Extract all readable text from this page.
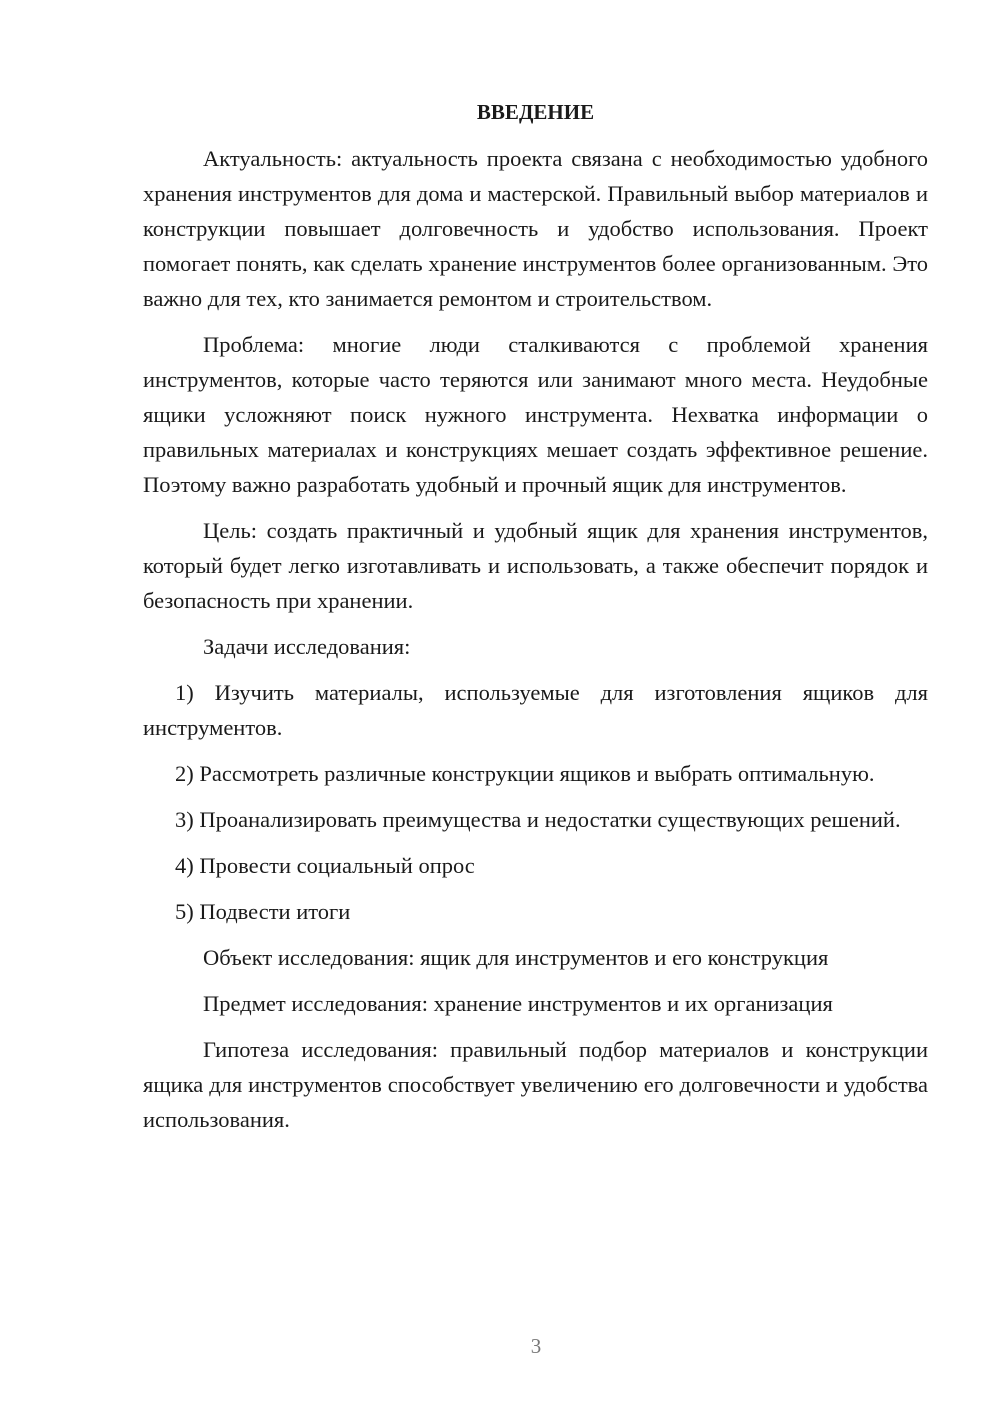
ВВЕДЕНИЕ

Актуальность: актуальность проекта связана с необходимостью удобного хранения инструментов для дома и мастерской. Правильный выбор материалов и конструкции повышает долговечность и удобство использования. Проект помогает понять, как сделать хранение инструментов более организованным. Это важно для тех, кто занимается ремонтом и строительством.

Проблема: многие люди сталкиваются с проблемой хранения инструментов, которые часто теряются или занимают много места. Неудобные ящики усложняют поиск нужного инструмента. Нехватка информации о правильных материалах и конструкциях мешает создать эффективное решение. Поэтому важно разработать удобный и прочный ящик для инструментов.

Цель: создать практичный и удобный ящик для хранения инструментов, который будет легко изготавливать и использовать, а также обеспечит порядок и безопасность при хранении.

Задачи исследования:

1) Изучить материалы, используемые для изготовления ящиков для инструментов.

2) Рассмотреть различные конструкции ящиков и выбрать оптимальную.

3) Проанализировать преимущества и недостатки существующих решений.

4) Провести социальный опрос

5) Подвести итоги

Объект исследования: ящик для инструментов и его конструкция

Предмет исследования: хранение инструментов и их организация

Гипотеза исследования: правильный подбор материалов и конструкции ящика для инструментов способствует увеличению его долговечности и удобства использования.

3
